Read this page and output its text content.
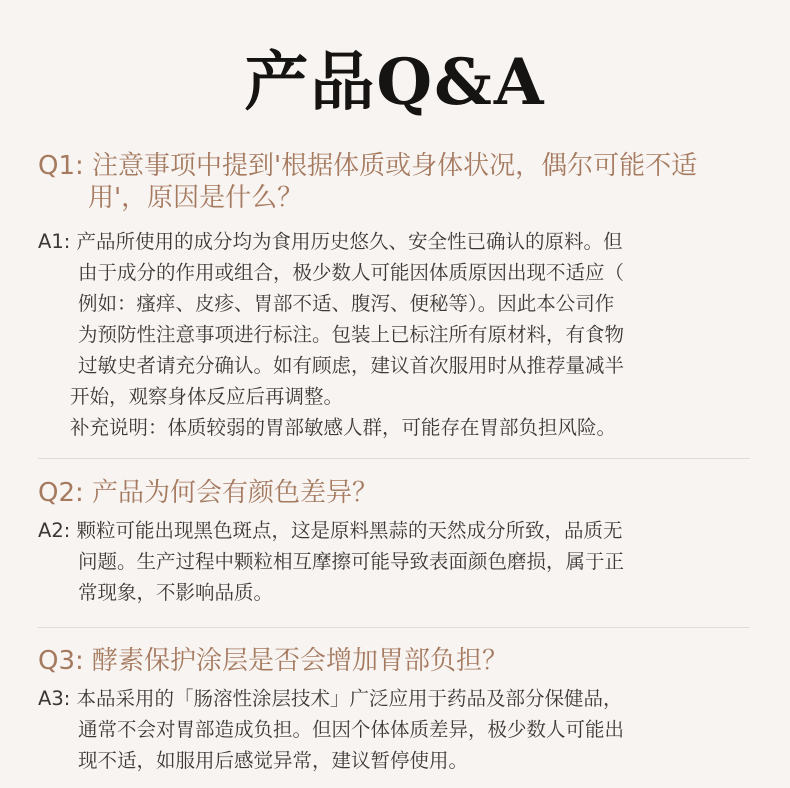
产品Q&A
Q1: 注意事项中提到'根据体质或身体状况，偶尔可能不适
用'，原因是什么？
A1: 产品所使用的成分均为食用历史悠久、安全性已确认的原料。但
由于成分的作用或组合，极少数人可能因体质原因出现不适应（
例如：瘙痒、皮疹、胃部不适、腹泻、便秘等）。因此本公司作
为预防性注意事项进行标注。包装上已标注所有原材料，有食物
过敏史者请充分确认。如有顾虑，建议首次服用时从推荐量减半
开始，观察身体反应后再调整。
补充说明：体质较弱的胃部敏感人群，可能存在胃部负担风险。
Q2: 产品为何会有颜色差异？
A2: 颗粒可能出现黑色斑点，这是原料黑蒜的天然成分所致，品质无
问题。生产过程中颗粒相互摩擦可能导致表面颜色磨损，属于正
常现象，不影响品质。
Q3: 酵素保护涂层是否会增加胃部负担？
A3: 本品采用的「肠溶性涂层技术」广泛应用于药品及部分保健品，
通常不会对胃部造成负担。但因个体体质差异，极少数人可能出
现不适，如服用后感觉异常，建议暂停使用。
